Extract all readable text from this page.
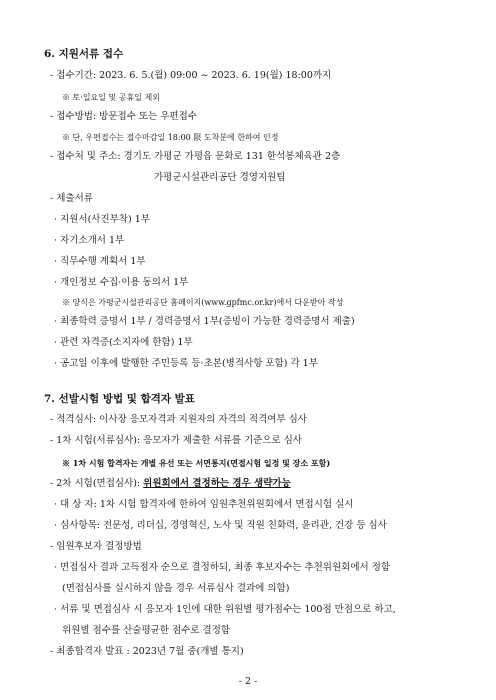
6. 지원서류 접수
- 접수기간: 2023. 6. 5.(월) 09:00 ~ 2023. 6. 19(월) 18:00까지
※ 토·일요일 및 공휴일 제외
- 접수방법: 방문접수 또는 우편접수
※ 단, 우편접수는 접수마감일 18:00 限 도착분에 한하여 인정
- 접수처 및 주소: 경기도 가평군 가평읍 문화로 131 한석봉체육관 2층
가평군시설관리공단 경영지원팀
- 제출서류
· 지원서(사진부착) 1부
· 자기소개서 1부
· 직무수행 계획서 1부
· 개인정보 수집·이용 동의서 1부
※ 양식은 가평군시설관리공단 홈페이지(www.gpfmc.or.kr)에서 다운받아 작성
· 최종학력 증명서 1부 / 경력증명서 1부(증빙이 가능한 경력증명서 제출)
· 관련 자격증(소지자에 한함) 1부
· 공고일 이후에 발행한 주민등록 등·초본(병적사항 포함) 각 1부
7. 선발시험 방법 및 합격자 발표
- 적격심사: 이사장 응모자격과 지원자의 자격의 적격여부 심사
- 1차 시험(서류심사): 응모자가 제출한 서류를 기준으로 심사
※ 1차 시험 합격자는 개별 유선 또는 서면통지(면접시험 일정 및 장소 포함)
- 2차 시험(면접심사): 위원회에서 결정하는 경우 생략가능
· 대 상 자: 1차 시험 합격자에 한하여 임원추천위원회에서 면접시험 실시
· 심사항목: 전문성, 리더십, 경영혁신, 노사 및 직원 친화력, 윤리관, 건강 등 심사
- 임원후보자 결정방법
· 면접심사 결과 고득점자 순으로 결정하되, 최종 후보자수는 추천위원회에서 정함
(면접심사를 실시하지 않을 경우 서류심사 결과에 의함)
· 서류 및 면접심사 시 응모자 1인에 대한 위원별 평가점수는 100점 만점으로 하고,
위원별 점수를 산술평균한 점수로 결정함
- 최종합격자 발표 : 2023년 7월 중(개별 통지)
- 2 -
